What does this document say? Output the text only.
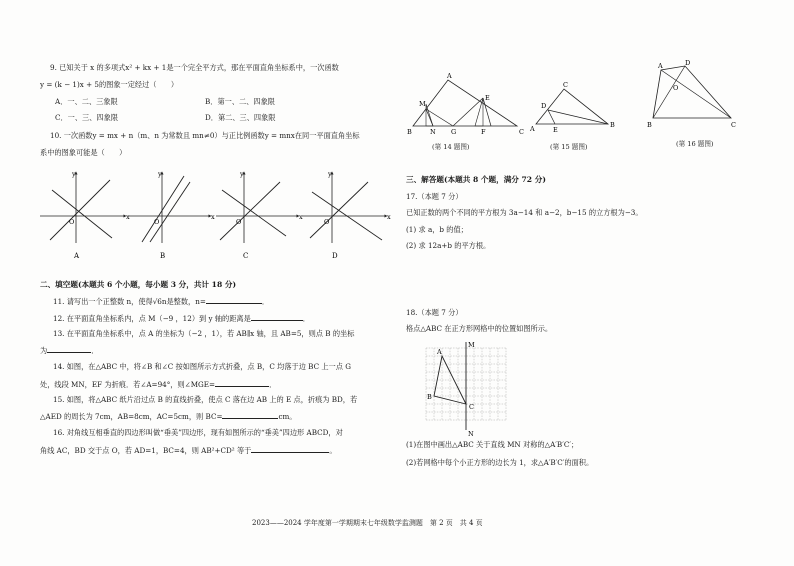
9. 已知关于 x 的多项式x² + kx + 1是一个完全平方式，那在平面直角坐标系中，一次函数
y = (k − 1)x + 5的图象一定经过（　　）
A．一、二、三象限	B．第一、二、四象限
C．一、三、四象限	D．第二、三、四象限
10. 一次函数y = mx + n（m、n 为常数且 mn≠0）与正比例函数y = mnx在同一平面直角坐标
系中的图象可能是（　　）
y
x
O
A
y
x
O
B
y
x
O
C
y
x
O
D
二、填空题(本题共 6 个小题，每小题 3 分，共计 18 分)
11. 请写出一个正整数 n，使得√6n是整数，n=	．
12. 在平面直角坐标系内，点 M（−9 ，12）到 y 轴的距离是	．
13. 在平面直角坐标系中，点 A 的坐标为（−2 ，1），若 AB∥x 轴，且 AB=5，则点 B 的坐标
为	．
14. 如图，在△ABC 中，将∠B 和∠C 按如图所示方式折叠，点 B，C 均落于边 BC 上一点 G
处，线段 MN，EF 为折痕．若∠A=94°，则∠MGE=	．
15. 如图，将△ABC 纸片沿过点 B 的直线折叠，使点 C 落在边 AB 上的 E 点，折痕为 BD，若
△AED 的周长为 7cm，AB=8cm，AC=5cm，则 BC=	cm。
16. 对角线互相垂直的四边形叫做“垂美”四边形，现有如图所示的“垂美”四边形 ABCD，对
角线 AC，BD 交于点 O，若 AD=1，BC=4，则 AB²+CD² 等于	。
A
M
E
B	N G	F	C
(第 14 题图)
C
D
A	E
B
(第 15 题图)
A	D
O
B	C
(第 16 题图)
三、解答题(本题共 8 个题，满分 72 分)
17.（本题 7 分）
已知正数的两个不同的平方根为 3a−14 和 a−2，b−15 的立方根为−3。
(1) 求 a，b 的值；
(2) 求 12a+b 的平方根。
18.（本题 7 分）
格点△ABC 在正方形网格中的位置如图所示。
M
N
A
B
C
(1)在图中画出△ABC 关于直线 MN 对称的△A′B′C′；
(2)若网格中每个小正方形的边长为 1，求△A′B′C′的面积。
2023——2024 学年度第一学期期末七年级数学监测题　第 2 页　共 4 页
